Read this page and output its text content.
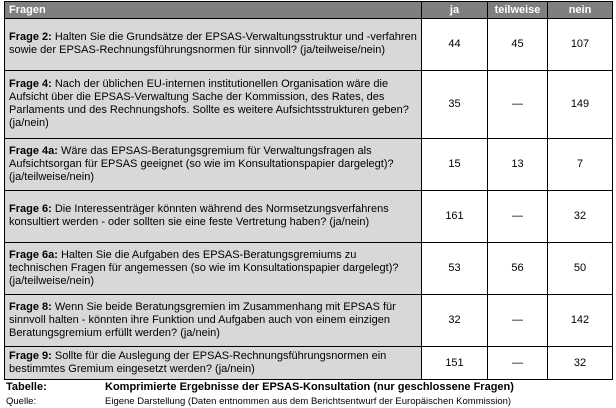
Fragen	ja	teilweise	nein
Frage 2: Halten Sie die Grundsätze der EPSAS-Verwaltungsstruktur und -verfahren sowie der EPSAS-Rechnungsführungsnormen für sinnvoll? (ja/teilweise/nein)	44	45	107
Frage 4: Nach der üblichen EU-internen institutionellen Organisation wäre die Aufsicht über die EPSAS-Verwaltung Sache der Kommission, des Rates, des Parlaments und des Rechnungshofs. Sollte es weitere Aufsichtsstrukturen geben? (ja/nein)	35	—	149
Frage 4a: Wäre das EPSAS-Beratungsgremium für Verwaltungsfragen als Aufsichtsorgan für EPSAS geeignet (so wie im Konsultationspapier dargelegt)? (ja/teilweise/nein)	15	13	7
Frage 6: Die Interessenträger könnten während des Normsetzungsverfahrens konsultiert werden - oder sollten sie eine feste Vertretung haben? (ja/nein)	161	—	32
Frage 6a: Halten Sie die Aufgaben des EPSAS-Beratungsgremiums zu technischen Fragen für angemessen (so wie im Konsultationspapier dargelegt)? (ja/teilweise/nein)	53	56	50
Frage 8: Wenn Sie beide Beratungsgremien im Zusammenhang mit EPSAS für sinnvoll halten - könnten ihre Funktion und Aufgaben auch von einem einzigen Beratungsgremium erfüllt werden? (ja/nein)	32	—	142
Frage 9: Sollte für die Auslegung der EPSAS-Rechnungsführungsnormen ein bestimmtes Gremium eingesetzt werden? (ja/nein)	151	—	32
Tabelle:	Komprimierte Ergebnisse der EPSAS-Konsultation (nur geschlossene Fragen)
Quelle:	Eigene Darstellung (Daten entnommen aus dem Berichtsentwurf der Europäischen Kommission)
